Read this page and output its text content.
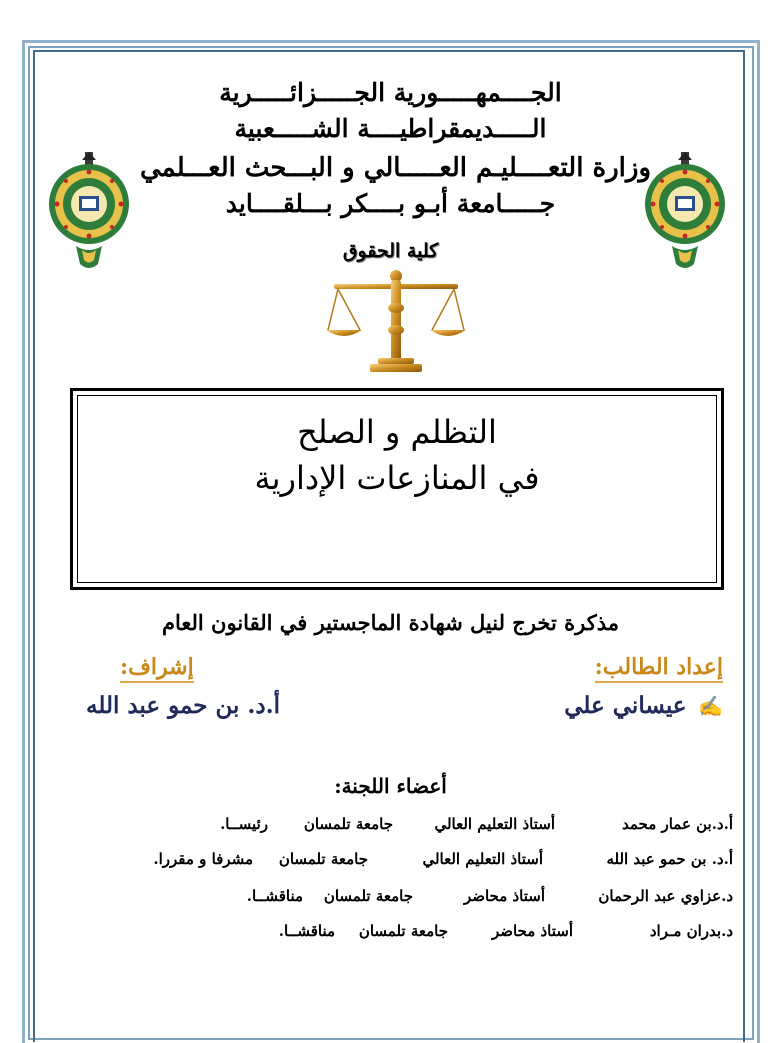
الجــــمهـــــورية الجـــــزائـــــرية
الـــــديمقراطيــــة الشـــــعبية
وزارة التعــــليـم العـــــالي و البـــحث العـــلمي
جـــــامعة أبـو بــــكر بـــلقــــايد
كلية الحقوق
التظلم و الصلح
في المنازعات الإدارية
مذكرة تخرج لنيل شهادة الماجستير في القانون العام
إعداد الطالب:
✍ عيساني علي
إشراف:
أ.د. بن حمو عبد الله
أعضاء اللجنة:
أ.د.بن عمار محمد
أستاذ التعليم العالي
جامعة تلمسان
رئيســا.
أ.د. بن حمو عبد الله
أستاذ التعليم العالي
جامعة تلمسان
مشرفا و مقررا.
د.عزاوي عبد الرحمان
أستاذ محاضر
جامعة تلمسان
مناقشــا.
د.بدران مـراد
أستاذ محاضر
جامعة تلمسان
مناقشــا.
